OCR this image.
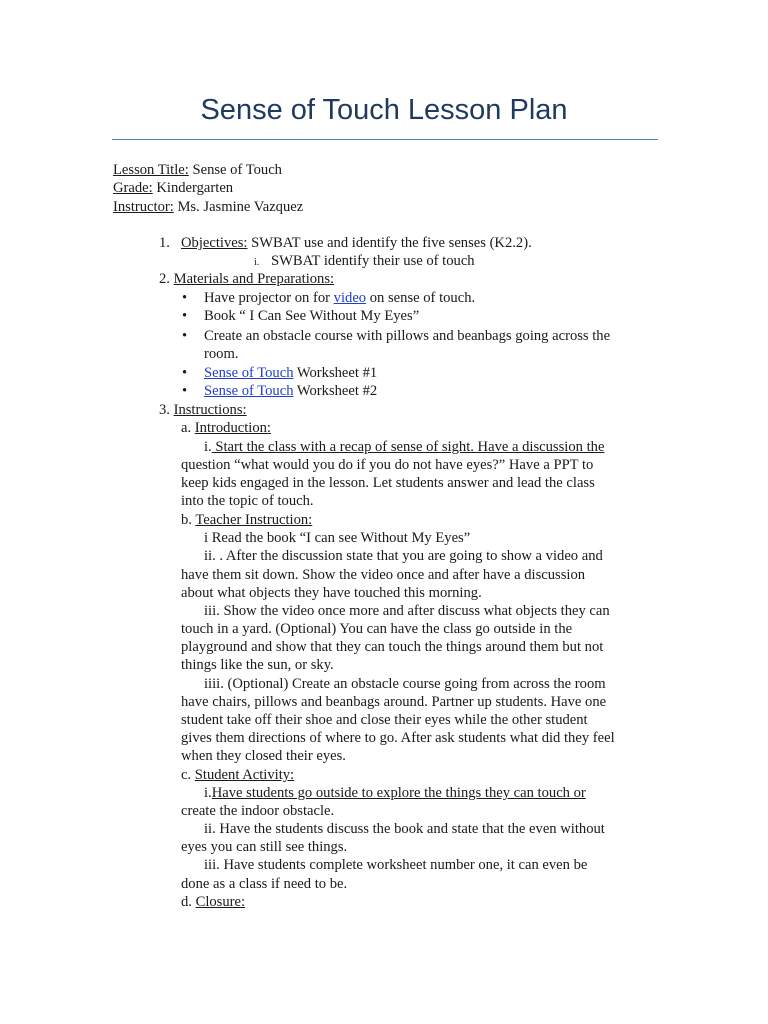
Sense of Touch Lesson Plan
Lesson Title: Sense of Touch
Grade: Kindergarten
Instructor: Ms. Jasmine Vazquez
1. Objectives: SWBAT use and identify the five senses (K2.2).
i. SWBAT identify their use of touch
2. Materials and Preparations:
• Have projector on for video on sense of touch.
• Book “ I Can See Without My Eyes”
• Create an obstacle course with pillows and beanbags going across the
room.
• Sense of Touch Worksheet #1
• Sense of Touch Worksheet #2
3. Instructions:
a. Introduction:
i. Start the class with a recap of sense of sight. Have a discussion the
question “what would you do if you do not have eyes?” Have a PPT to
keep kids engaged in the lesson. Let students answer and lead the class
into the topic of touch.
b. Teacher Instruction:
i Read the book “I can see Without My Eyes”
ii. . After the discussion state that you are going to show a video and
have them sit down. Show the video once and after have a discussion
about what objects they have touched this morning.
iii. Show the video once more and after discuss what objects they can
touch in a yard. (Optional) You can have the class go outside in the
playground and show that they can touch the things around them but not
things like the sun, or sky.
iiii. (Optional) Create an obstacle course going from across the room
have chairs, pillows and beanbags around. Partner up students. Have one
student take off their shoe and close their eyes while the other student
gives them directions of where to go. After ask students what did they feel
when they closed their eyes.
c. Student Activity:
i.Have students go outside to explore the things they can touch or
create the indoor obstacle.
ii. Have the students discuss the book and state that the even without
eyes you can still see things.
iii. Have students complete worksheet number one, it can even be
done as a class if need to be.
d. Closure:
